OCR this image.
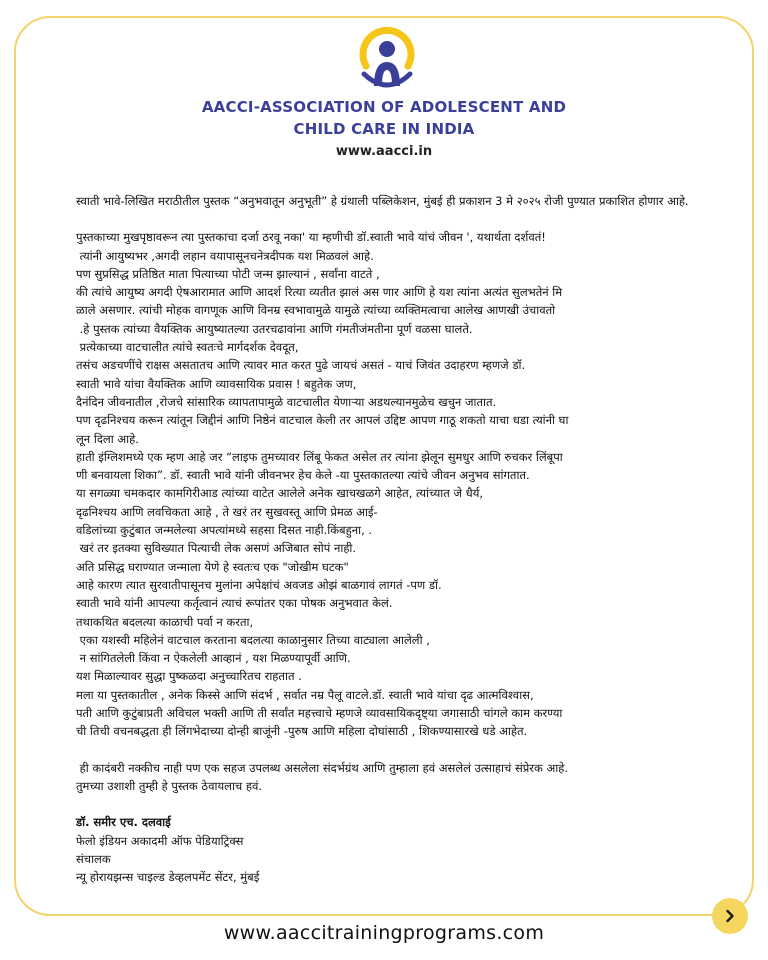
AACCI-ASSOCIATION OF ADOLESCENT AND
CHILD CARE IN INDIA
www.aacci.in

स्वाती भावे-लिखित मराठीतील पुस्तक “अनुभवातून अनुभूती” हे ग्रंथाली पब्लिकेशन, मुंबई ही प्रकाशन 3 मे २०२५ रोजी पुण्यात प्रकाशित होणार आहे.

पुस्तकाच्या मुखपृष्ठावरून त्या पुस्तकाचा दर्जा ठरवू नका' या म्हणीची डॉ.स्वाती भावे यांचं जीवन ', यथार्थता दर्शवतं!
त्यांनी आयुष्यभर ,अगदी लहान वयापासूनचनेत्रदीपक यश मिळवलं आहे.
पण सुप्रसिद्ध प्रतिष्ठित माता पित्याच्या पोटी जन्म झाल्यानं , सर्वांना वाटते ,
की त्यांचे आयुष्य अगदी ऐषआरामात आणि आदर्श रित्या व्यतीत झालं अस णार आणि हे यश त्यांना अत्यंत सुलभतेनं मि
ळाले असणार. त्यांची मोहक वागणूक आणि विनम्र स्वभावामुळे यामुळे त्यांच्या व्यक्तिमत्वाचा आलेख आणखी उंचावतो
.हे पुस्तक त्यांच्या वैयक्तिक आयुष्यातल्या उतरचढावांना आणि गंमतीजंमतीना पूर्ण वळसा घालते.
प्रत्येकाच्या वाटचालीत त्यांचे स्वतःचे मार्गदर्शक देवदूत,
तसंच अडचणींचे राक्षस असतातच आणि त्यावर मात करत पुढे जायचं असतं - याचं जिवंत उदाहरण म्हणजे डॉ.
स्वाती भावे यांचा वैयक्तिक आणि व्यावसायिक प्रवास ! बहुतेक जण,
दैनंदिन जीवनातील ,रोजचे सांसारिक व्यापतापामुळे वाटचालीत येणाऱ्या अडथल्यानमुळेच खचुन जातात.
पण दृढनिश्चय करून त्यांतून जिद्दीनं आणि निष्ठेनं वाटचाल केली तर आपलं उद्दिष्ट आपण गाठू शकतो याचा धडा त्यांनी घा
लून दिला आहे.
हाती इंग्लिशमध्ये एक म्हण आहे जर “लाइफ तुमच्यावर लिंबू फेकत असेल तर त्यांना झेलून सुमधुर आणि रुचकर लिंबूपा
णी बनवायला शिका”. डॉ. स्वाती भावे यांनी जीवनभर हेच केले -या पुस्तकातल्या त्यांचे जीवन अनुभव सांगतात.
या सगळ्या चमकदार कामगिरीआड त्यांच्या वाटेत आलेले अनेक खाचखळगे आहेत, त्यांच्यात जे धैर्य,
दृढनिश्चय आणि लवचिकता आहे , ते खरं तर सुखवस्तू आणि प्रेमळ आई-
वडिलांच्या कुटुंबात जन्मलेल्या अपत्यांमध्ये सहसा दिसत नाही.किंबहुना, .
खरं तर इतक्या सुविख्यात पित्याची लेक असणं अजिबात सोपं नाही.
अति प्रसिद्ध घराण्यात जन्माला येणे हे स्वतःच एक "जोखीम घटक"
आहे कारण त्यात सुरवातीपासूनच मुलांना अपेक्षांचं अवजड ओझं बाळगावं लागतं -पण डॉ.
स्वाती भावे यांनी आपल्या कर्तृत्वानं त्याचं रूपांतर एका पोषक अनुभवात केलं.
तथाकथित बदलत्या काळाची पर्वा न करता,
एका यशस्वी महिलेनं वाटचाल करताना बदलत्या काळानुसार तिच्या वाट्याला आलेली ,
न सांगितलेली किंवा न ऐकलेली आव्हानं , यश मिळण्यापूर्वी आणि.
यश मिळाल्यावर सुद्धा पुष्कळदा अनुच्चारितच राहतात .
मला या पुस्तकातील , अनेक किस्से आणि संदर्भ , सर्वात नम्र पैलू वाटले.डॉ. स्वाती भावे यांचा दृढ आत्मविश्वास,
पती आणि कुटुंबाप्रती अविचल भक्ती आणि ती सर्वांत महत्त्वाचे म्हणजे व्यावसायिकदृष्ट्या जगासाठी चांगले काम करण्या
ची तिची वचनबद्धता ही लिंगभेदाच्या दोन्ही बाजूंनी -पुरुष आणि महिला दोघांसाठी , शिकण्यासारखे धडे आहेत.
ही कादंबरी नक्कीच नाही पण एक सहज उपलब्ध असलेला संदर्भग्रंथ आणि तुम्हाला हवं असलेलं उत्साहाचं संप्रेरक आहे.
तुमच्या उशाशी तुम्ही हे पुस्तक ठेवायलाच हवं.
डॉ. समीर एच. दलवाई
फेलो इंडियन अकादमी ऑफ पेडियाट्रिक्स
संचालक
न्यू होरायझन्स चाइल्ड डेव्हलपमेंट सेंटर, मुंबई
www.aaccitrainingprograms.com
